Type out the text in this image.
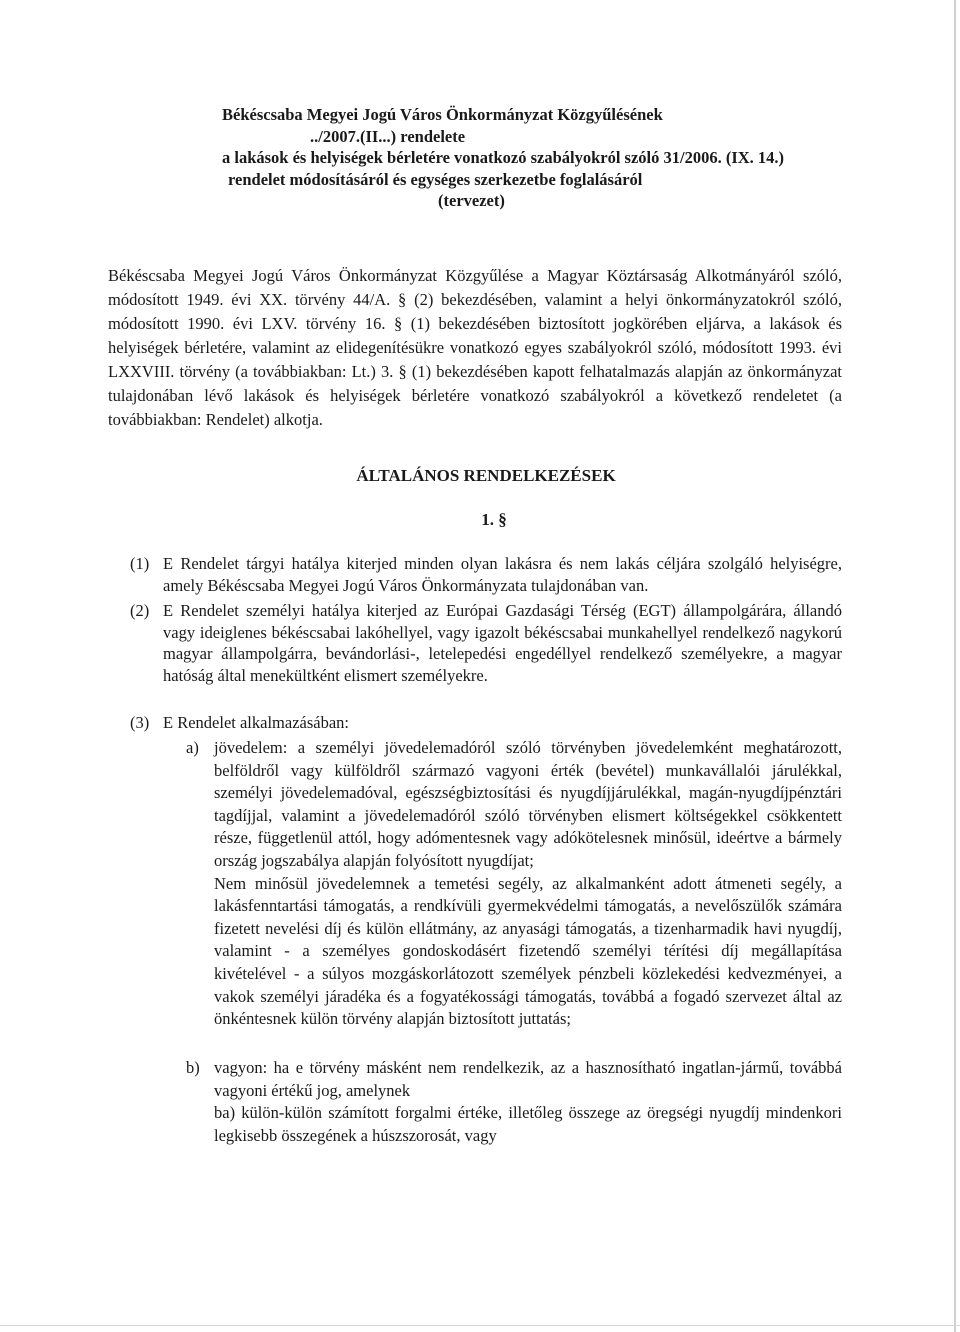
Békéscsaba Megyei Jogú Város Önkormányzat Közgyűlésének
../2007.(II...) rendelete
a lakások és helyiségek bérletére vonatkozó szabályokról szóló 31/2006. (IX. 14.)
rendelet módosításáról és egységes szerkezetbe foglalásáról
(tervezet)
Békéscsaba Megyei Jogú Város Önkormányzat Közgyűlése a Magyar Köztársaság Alkotmányáról szóló, módosított 1949. évi XX. törvény 44/A. § (2) bekezdésében, valamint a helyi önkormányzatokról szóló, módosított 1990. évi LXV. törvény 16. § (1) bekezdésében biztosított jogkörében eljárva, a lakások és helyiségek bérletére, valamint az elidegenítésükre vonatkozó egyes szabályokról szóló, módosított 1993. évi LXXVIII. törvény (a továbbiakban: Lt.) 3. § (1) bekezdésében kapott felhatalmazás alapján az önkormányzat tulajdonában lévő lakások és helyiségek bérletére vonatkozó szabályokról a következő rendeletet (a továbbiakban: Rendelet) alkotja.
ÁLTALÁNOS RENDELKEZÉSEK
1. §
(1) E Rendelet tárgyi hatálya kiterjed minden olyan lakásra és nem lakás céljára szolgáló helyiségre, amely Békéscsaba Megyei Jogú Város Önkormányzata tulajdonában van.
(2) E Rendelet személyi hatálya kiterjed az Európai Gazdasági Térség (EGT) állampolgárára, állandó vagy ideiglenes békéscsabai lakóhellyel, vagy igazolt békéscsabai munkahellyel rendelkező nagykorú magyar állampolgárra, bevándorlási-, letelepedési engedéllyel rendelkező személyekre, a magyar hatóság által menekültként elismert személyekre.
(3) E Rendelet alkalmazásában:
a) jövedelem: a személyi jövedelemadóról szóló törvényben jövedelemként meghatározott, belföldről vagy külföldről származó vagyoni érték (bevétel) munkavállalói járulékkal, személyi jövedelemadóval, egészségbiztosítási és nyugdíjjárulékkal, magán-nyugdíjpénztári tagdíjjal, valamint a jövedelemadóról szóló törvényben elismert költségekkel csökkentett része, függetlenül attól, hogy adómentesnek vagy adókötelesnek minősül, ideértve a bármely ország jogszabálya alapján folyósított nyugdíjat;
Nem minősül jövedelemnek a temetési segély, az alkalmanként adott átmeneti segély, a lakásfenntartási támogatás, a rendkívüli gyermekvédelmi támogatás, a nevelőszülők számára fizetett nevelési díj és külön ellátmány, az anyasági támogatás, a tizenharmadik havi nyugdíj, valamint - a személyes gondoskodásért fizetendő személyi térítési díj megállapítása kivételével - a súlyos mozgáskorlátozott személyek pénzbeli közlekedési kedvezményei, a vakok személyi járadéka és a fogyatékossági támogatás, továbbá a fogadó szervezet által az önkéntesnek külön törvény alapján biztosított juttatás;
b) vagyon: ha e törvény másként nem rendelkezik, az a hasznosítható ingatlan-jármű, továbbá vagyoni értékű jog, amelynek
ba) külön-külön számított forgalmi értéke, illetőleg összege az öregségi nyugdíj mindenkori legkisebb összegének a húszszorosát, vagy
